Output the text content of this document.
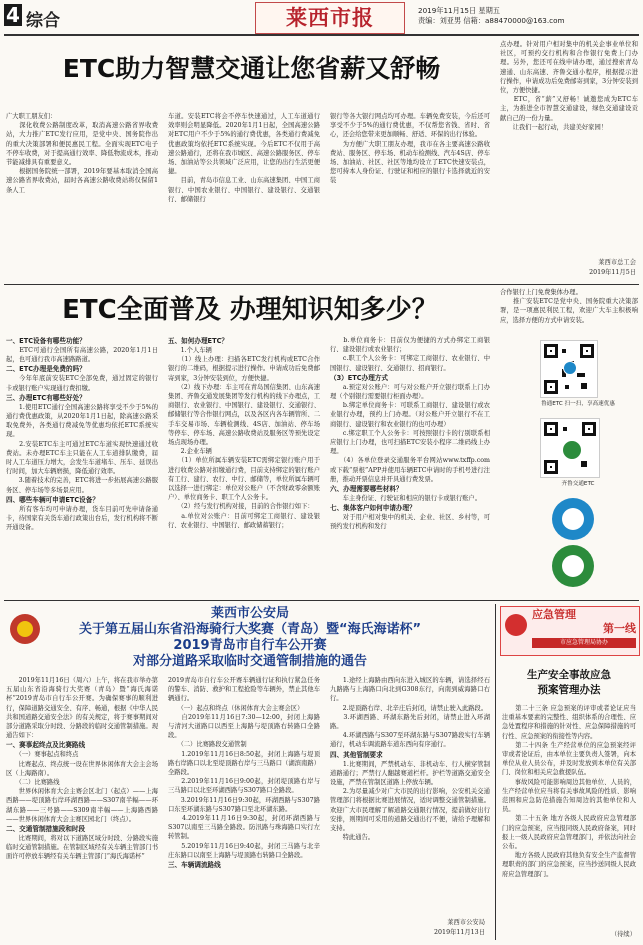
4 综合	莱西市报	2019年11月15日 星期五
责编：刘亚男 信箱：a88470000@163.com
ETC助力智慧交通让您省薪又舒畅
广大职工朋友们：
　　深化收费公路制度改革，取消高速公路省界收费站，大力推广ETC发行应用，是党中央、国务院作出的重大决策部署和便民惠民工程。全面实现ETC电子不停车收费，对于提高通行效率、降低物流成本，推动节能减排具有重要意义。
　　根据国务院统一部署，2019年要基本取消全国高速公路省界收费站，届时各高速公路收费站将仅保留1条人工
车道。安装ETC将会不停车快速通过，人工车道通行效率则会明显降低。2020年1月1日起，全国高速公路对ETC用户不少于5%的通行费优惠，各类通行费减免优惠政策均依托ETC系统实现。今后ETC不仅用于高速公路通行，还将在我市城区、高速公路服务区、停车场、加油站等公共领域广泛应用，让您的出行生活更便捷。
　　目前，青岛市信息工业、山东高速集团、中国工商银行、中国农业银行、中国银行、建设银行、交通银行、邮储银行
银行等各大银行网点均可办理。车辆免费安装，今后还可享受不少于5%的通行费优惠，不仅帮您省钱、省时、省心，还会给您带来更加顺畅、舒适、环保的出行体验。
　　为方便广大职工朋友办理，我市在各主要高速公路收费站、服务区、停车场、机动车检测线、汽车4S店、停车场、加油站、社区、社区等地均设立了ETC快速安装点，您可持本人身份证、行驶证和相应的银行卡选择就近的安装
点办理。针对用户相对集中的机关企事业单位和社区，可预约交行机构和合作银行免费上门办理。另外，您还可在线申请办理，通过搜索青岛速通、山东高速、齐鲁交通小程序，根据提示进行操作，申请成功后免费邮寄到家，3分钟安装到位，方便快捷。
　　ETC，省“薪”又舒畅！诚邀您成为ETC车主，为推进全市智慧交通建设，绿色交通建设贡献自己的一份力量。
　　让我们一起行动，共建美好家园！
莱西市总工会
2019年11月5日
ETC全面普及 办理知识知多少？
一、ETC设备有哪些功能？
　　ETC可通行全国所有高速公路，2020年1月1日起，也可通行我市高速路路道。
二、ETC办理是免费的吗？
　　今年年底前安装ETC全部免费，通过固定的银行卡或银行账户实现通行费扣缴。
三、办理ETC有哪些好处？
　　1.使用ETC通行全国高速公路将享受不少于5%的通行费优惠政策，从2020年1月1日起，除高速公路采取免费外，各类通行费减免等优惠均依托ETC系统实现。
　　2.安装ETC车主可通过ETC车道实现快速通过收费站。未办理ETC车主只能在人工车道排队缴费，届时人工车道压力增大，会发生车道堵车、压车、延误出行时间，加大车辆磨损，降低通行效率。
　　3.随着技术的完善，ETC将进一步拓展高速公路服务区、停车场等多场景应用。
四、哪些车辆可申请ETC设备？
　　所有客车均可申请办理，货车目前可先申请备通卡，待国家有关货车通行政策出台后，发行机构将不断开通设备。
五、如何办理ETC？
　　1.个人车辆
　　（1）线上办理：扫描各ETC发行机构或ETC合作银行的二维码，根据提示进行操作。申请成功后免费邮寄到家，3分钟安装到位，方便快捷。
　　（2）线下办理：车主可在青岛国信集团、山东高速集团、齐鲁交通发展集团等发行机构的线下办理点，工商银行、农业银行、中国银行、建设银行、交通银行、邮储银行等合作银行网点，以及各区内各车辆管所、二手车交易市场、车辆检测线、4S店、加油站、停车场等停车、停车场、高速公路收费站及服务区等预先设定场点现场办理。
　　2.企业车辆
　　（1）单位所属车辆安装ETC需绑定银行账户用于进行收费公路对扣缴通行费，目前支持绑定的银行账户有工行、建行、农行、中行、邮储等，单位所属车辆可以选择一进行绑定：单位对公账户（不含财政零余额账户）、单位商务卡、职工个人公务卡。
　　（2）经与发行机构对接，目前的合作银行如下：
　　a.单位对公账户：目前可绑定工商银行、建设银行、农业银行、中国银行、邮政储蓄银行；
　　b.单位商务卡：目前仅为便捷的方式办绑定工商银行、建设银行或农业银行；
　　c.职工个人公务卡：可绑定工商银行、农业银行、中国银行、建设银行、交通银行、招商银行。
（3）ETC办理方式
　　a.预定对公账户：可与对公账户开立银行联系上门办理（个别银行需要银行柜面办理）。
　　b.绑定单位商务卡：可联系工商银行、建设银行或农业银行办理，预约上门办理。（对公账户开立银行不在工商银行、建设银行和农业银行的也可办理）
　　c.绑定职工个人公务卡：可按照银行卡的行别联系相应银行上门办理，也可扫描ETC安装小程序二维码线上办理。
　　（4）各单位登录交通服务平台网站www.txffp.com或下载“票根”APP并使用车辆ETC申请时的手机号进行注册，推动开票信息并开具通行费发票。
六、办理需要哪些材料？
　　车主身份证、行驶证和相应的银行卡或银行账户。
七、集体客户如何申请办理？
　　对于用户相对集中的机关、企业、社区、乡村等，可预约发行机构和发行
合作银行上门免费集体办理。
　　推广安装ETC是党中央、国务院重大决策部署，是一项惠民利民工程，欢迎广大车主积极响应，选择方便的方式申请安装。
鲁通ETC 扫一扫，享高速优惠
齐鲁交通ETC
莱西市公安局
关于第五届山东省沿海骑行大奖赛（青岛）暨“海氏海诺杯”
2019青岛市自行车公开赛
对部分道路采取临时交通管制措施的通告
　　2019年11月16日（周六）上午，将在我市举办第五届山东省沿海骑行大奖赛（青岛）暨“海氏海诺杯”2019青岛市自行车公开赛。为确保赛事的顺利进行，保障道路交通安全、有序、畅通，根据《中华人民共和国道路交通安全法》的有关规定，将于赛事期间对部分道路采取分时段、分路段的临时交通管制措施。现通告如下：
一、赛事起终点及比赛路线
　　（一）赛事起点和终点
　　比赛起点、终点统一设在世界休闲体育大会主会场区（上海路南）。
　　（二）比赛路线
　　世界休闲体育大会主赛会区北门（起点）——上海西路——堤顶路右岸环湖西路——S307南半幅——环湖东路——三号路——S309南半幅——上海路西路——世界休闲体育大会主赛区园北门（终点）。
二、交通管制措施段和时段
　　比赛期间，将对以下道路区域分时段、分路段实施临时交通管制措施。在管制区域经有关车辆主管部门书面许可停放车辆经有关车辆主管部门“海氏海诺杯”
2019青岛市自行车公开赛车辆通行证和执行紧急任务的警车、消防、救护和工程抢险等车辆外，禁止其他车辆通行。
　　（一）起点和终点（休闲体育大会主赛会区）
　　自2019年11月16日7:30—12:00，封闭上海路与清河大道路口以西至上海路与堤顶路右转路口全路段。
　　（二）比赛路段交通管制
　　1.2019年11月16日8:50起，封闭上海路与堤顶路右岸路口以北至堤顶路右岸与三马路口（湖滨南路）全路段。
　　2.2019年11月16日9:00起，封闭堤顶路右岸与三马路口以北至环湖西路与S307路口全路段。
　　3.2019年11月16日9:30起，环湖西路与S307路口东至环湖东路与S307路口至北环湖东路。
　　4.2019年11月16日9:30起，封闭环湖西路与S307以南至三马路全路段。防汛路与珠海路口实行左转管制。
　　5.2019年11月16日9:40起，封闭三马路与北辛庄东路口以南至上海路与堤顶路右转路口全路段。
三、车辆调流路线
　　1.途经上海路由西向东进入城区的车辆，请选择经石九路路与上海路口向北到G308东行，向南到威海路口右行。
　　2.堤顶路右岸、北辛庄后封闭，请禁止驶入此路段。
　　3.环湖西路、环湖东路先后封闭，请禁止进入环湖路。
　　4.环湖西路与S307至环湖东路与S307路段实行车辆通行，机动车调流路车道东西向有序通行。
四、其他管制要求
　　1.比赛期间，严禁机动车、非机动车、行人横穿管制道路通行；严禁行人翻越赛道栏杆。护栏等道路交通安全设施，严禁在管制区道路上停放车辆。
　　2.为尽量减少对广大市民的出行影响，公安机关交通管理部门将根据比赛进展情况，适时调整交通管制措施。欢迎广大市民理解了解道路交通限行情况，提前做好出行安排，则期间可采用的道路交通出行不便，请给予理解和支持。
　　特此通告。
莱西市公安局
2019年11月13日
应急管理
第一线
市应急管理局协办
生产安全事故应急
预案管理办法
　　第二十三条 应急预案的评审或者论证应当注重基本要素的完整性、组织体系的合理性、应急处置程序和措施的针对性、应急保障措施的可行性、应急预案的衔接性等内容。
　　第二十四条 生产经营单位的应急预案经评审或者论证后，由本单位主要负责人签署，向本单位从业人员公布，并及时发放到本单位有关部门、岗位和相关应急救援队伍。
　　事故风险可能影响周边其他单位、人员的，生产经营单位应当将有关事故风险的性质、影响范围和应急防范措施告知周边的其他单位和人员。
　　第二十五条 地方各级人民政府应急管理部门的应急预案，应当报同级人民政府备案，同时报上一级人民政府应急管理部门，并依法向社会公布。
　　地方各级人民政府其他负有安全生产监督管理职责的部门的应急预案，应当抄送同级人民政府应急管理部门。
（待续）
